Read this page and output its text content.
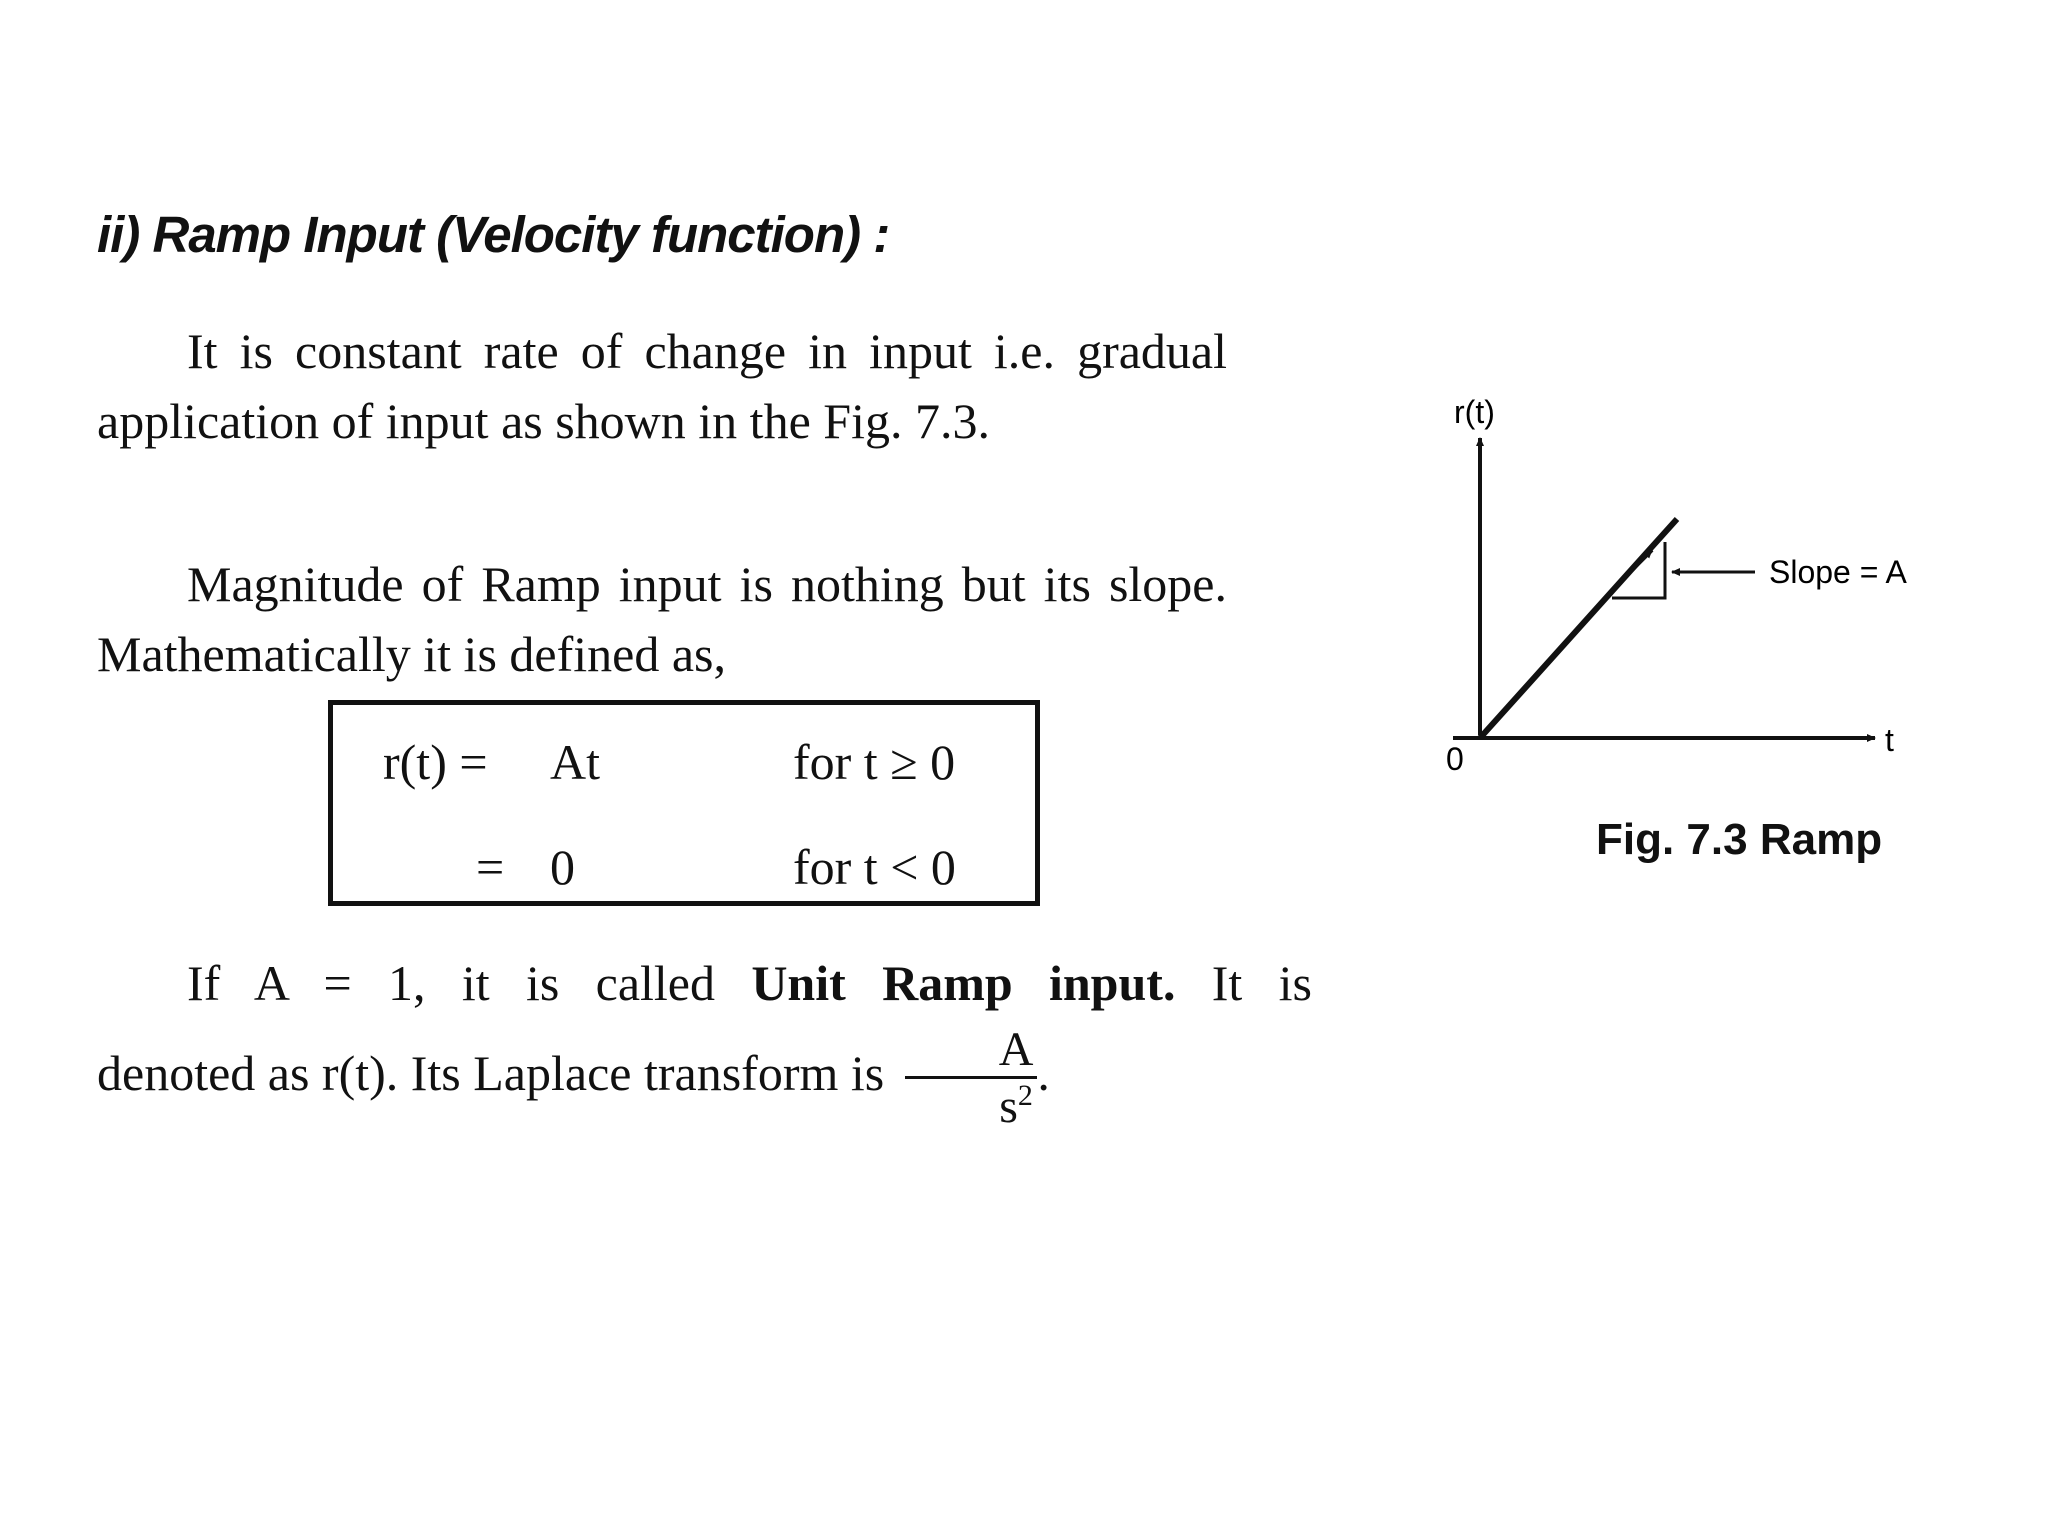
ii) Ramp Input (Velocity function) :
It is constant rate of change in input i.e. gradual application of input as shown in the Fig. 7.3.
Magnitude of Ramp input is nothing but its slope. Mathematically it is defined as,
r(t) = At	for t ≥ 0
= 0	for t < 0
If A = 1, it is called Unit Ramp input. It is
denoted as r(t). Its Laplace transform is $\frac{A}{s^2}$ .
r(t)
t
0
Slope = A
Fig. 7.3 Ramp
